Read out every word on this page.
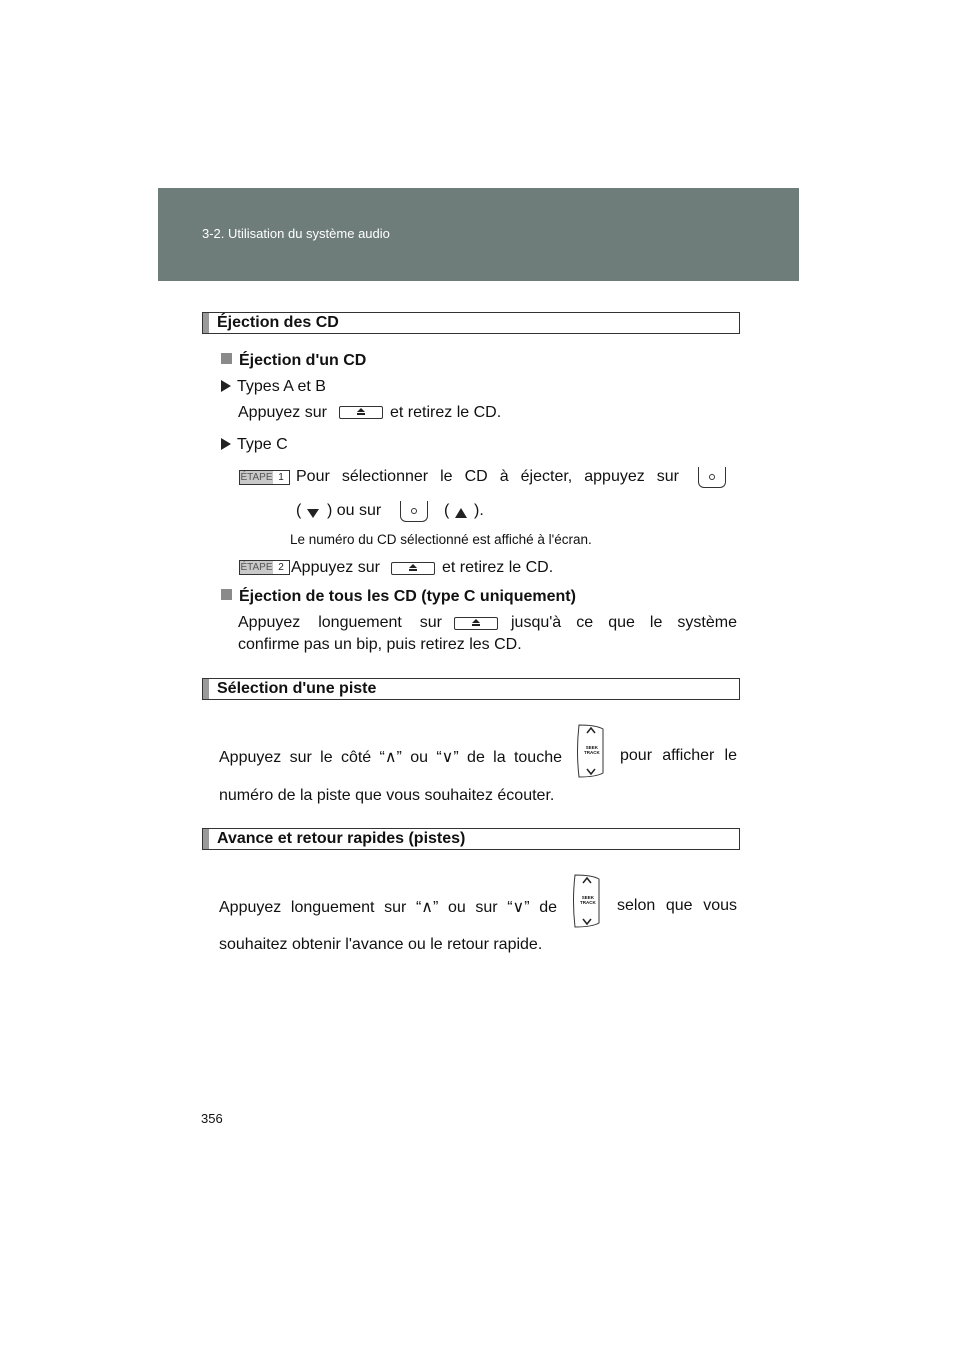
3-2. Utilisation du système audio
Éjection des CD
Éjection d'un CD
Types A et B
Appuyez sur	et retirez le CD.
Type C
ÉTAPE 1 Pour sélectionner le CD à éjecter, appuyez sur
( ) ou sur	( ).
Le numéro du CD sélectionné est affiché à l'écran.
ÉTAPE 2 Appuyez sur	et retirez le CD.
Éjection de tous les CD (type C uniquement)
Appuyez longuement sur	jusqu'à ce que le système
confirme pas un bip, puis retirez les CD.
Sélection d'une piste
Appuyez sur le côté “∧” ou “∨” de la touche
SEEK
TRACK pour afficher le
numéro de la piste que vous souhaitez écouter.
Avance et retour rapides (pistes)
Appuyez longuement sur “∧” ou sur “∨” de
SEEK
TRACK selon que vous
souhaitez obtenir l'avance ou le retour rapide.
356
